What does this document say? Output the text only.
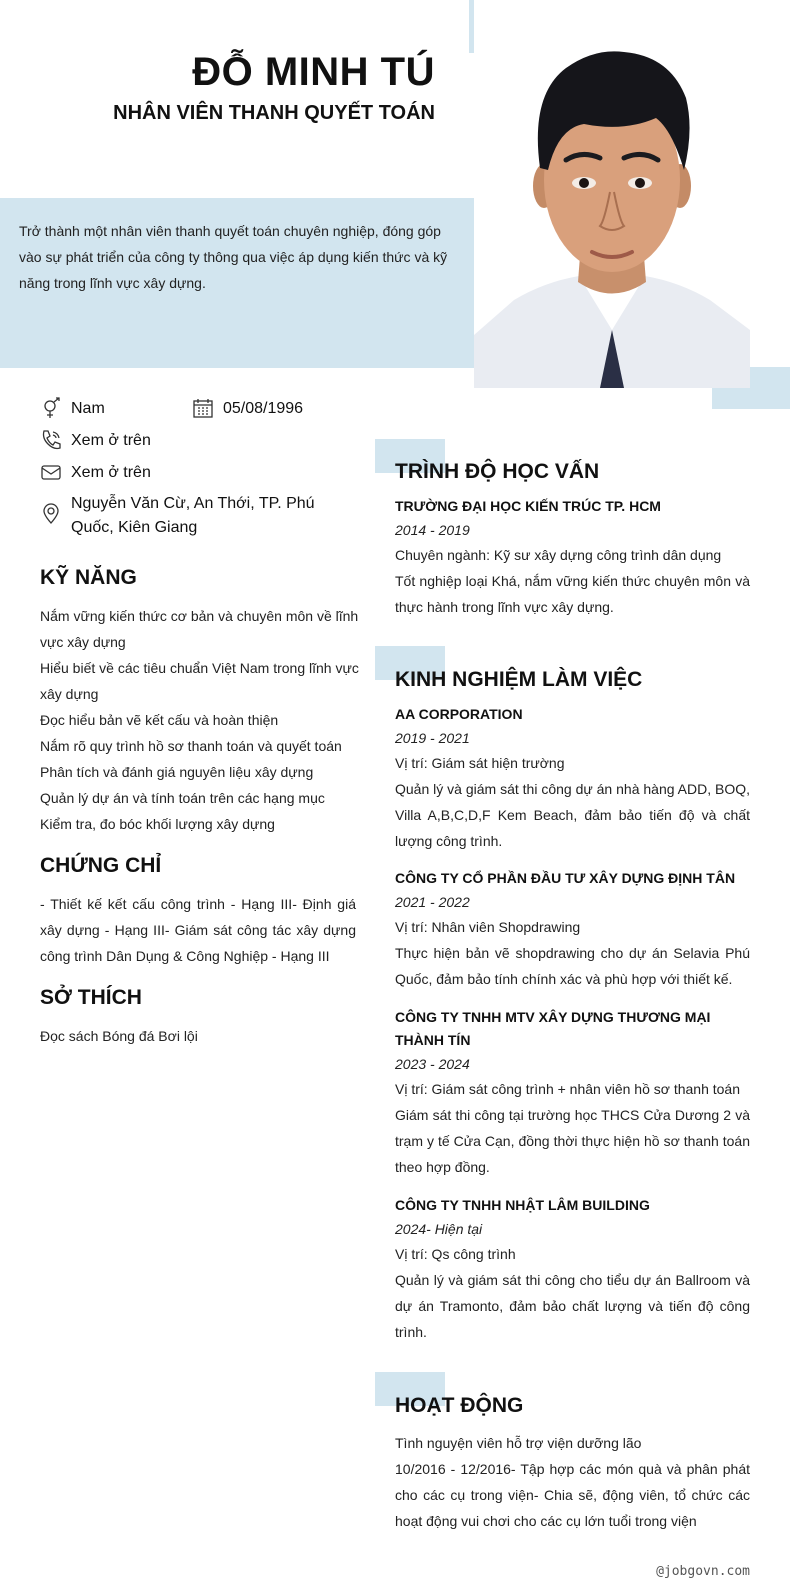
ĐỖ MINH TÚ
NHÂN VIÊN THANH QUYẾT TOÁN
Trở thành một nhân viên thanh quyết toán chuyên nghiệp, đóng góp vào sự phát triển của công ty thông qua việc áp dụng kiến thức và kỹ năng trong lĩnh vực xây dựng.
Nam	05/08/1996
Xem ở trên
Xem ở trên
Nguyễn Văn Cừ, An Thới, TP. Phú Quốc, Kiên Giang
KỸ NĂNG
Nắm vững kiến thức cơ bản và chuyên môn về lĩnh vực xây dựng
Hiểu biết về các tiêu chuẩn Việt Nam trong lĩnh vực xây dựng
Đọc hiểu bản vẽ kết cấu và hoàn thiện
Nắm rõ quy trình hồ sơ thanh toán và quyết toán
Phân tích và đánh giá nguyên liệu xây dựng
Quản lý dự án và tính toán trên các hạng mục
Kiểm tra, đo bóc khối lượng xây dựng
CHỨNG CHỈ
- Thiết kế kết cấu công trình - Hạng III- Định giá xây dựng - Hạng III- Giám sát công tác xây dựng công trình Dân Dụng & Công Nghiệp - Hạng III
SỞ THÍCH
Đọc sách Bóng đá Bơi lội
TRÌNH ĐỘ HỌC VẤN
TRƯỜNG ĐẠI HỌC KIẾN TRÚC TP. HCM
2014 - 2019
Chuyên ngành: Kỹ sư xây dựng công trình dân dụng
Tốt nghiệp loại Khá, nắm vững kiến thức chuyên môn và thực hành trong lĩnh vực xây dựng.
KINH NGHIỆM LÀM VIỆC
AA CORPORATION
2019 - 2021
Vị trí: Giám sát hiện trường
Quản lý và giám sát thi công dự án nhà hàng ADD, BOQ, Villa A,B,C,D,F Kem Beach, đảm bảo tiến độ và chất lượng công trình.
CÔNG TY CỔ PHẦN ĐẦU TƯ XÂY DỰNG ĐỊNH TÂN
2021 - 2022
Vị trí: Nhân viên Shopdrawing
Thực hiện bản vẽ shopdrawing cho dự án Selavia Phú Quốc, đảm bảo tính chính xác và phù hợp với thiết kế.
CÔNG TY TNHH MTV XÂY DỰNG THƯƠNG MẠI THÀNH TÍN
2023 - 2024
Vị trí: Giám sát công trình + nhân viên hồ sơ thanh toán
Giám sát thi công tại trường học THCS Cửa Dương 2 và trạm y tế Cửa Cạn, đồng thời thực hiện hồ sơ thanh toán theo hợp đồng.
CÔNG TY TNHH NHẬT LÂM BUILDING
2024- Hiện tại
Vị trí: Qs công trình
Quản lý và giám sát thi công cho tiểu dự án Ballroom và dự án Tramonto, đảm bảo chất lượng và tiến độ công trình.
HOẠT ĐỘNG
Tình nguyện viên hỗ trợ viện dưỡng lão
10/2016 - 12/2016- Tập hợp các món quà và phân phát cho các cụ trong viện- Chia sẽ, động viên, tổ chức các hoạt động vui chơi cho các cụ lớn tuổi trong viện
@jobgovn.com
